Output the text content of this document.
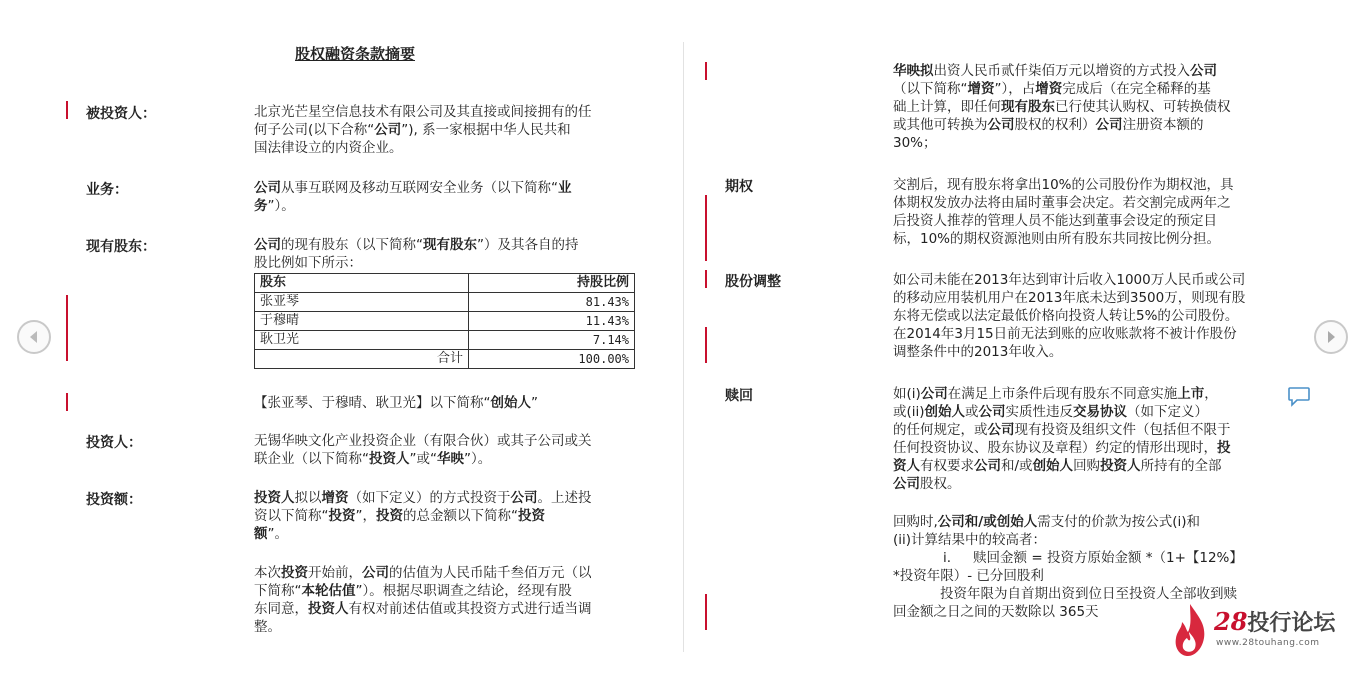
股权融资条款摘要
被投资人：	北京光芒星空信息技术有限公司及其直接或间接拥有的任
何子公司(以下合称“公司”), 系一家根据中华人民共和
国法律设立的内资企业。
业务：	公司从事互联网及移动互联网安全业务（以下简称“业
务”）。
现有股东：	公司的现有股东（以下简称“现有股东”）及其各自的持
股比例如下所示：
股东	持股比例
张亚琴	81.43%
于穆晴	11.43%
耿卫光	7.14%
合计	100.00%
【张亚琴、于穆晴、耿卫光】以下简称“创始人”
投资人：	无锡华映文化产业投资企业（有限合伙）或其子公司或关
联企业（以下简称“投资人”或“华映”）。
投资额：	投资人拟以增资（如下定义）的方式投资于公司。上述投
资以下简称“投资”，投资的总金额以下简称“投资
额”。
本次投资开始前，公司的估值为人民币陆千叁佰万元（以
下简称“本轮估值”）。根据尽职调查之结论，经现有股
东同意，投资人有权对前述估值或其投资方式进行适当调
整。
华映拟出资人民币贰仟柒佰万元以增资的方式投入公司
（以下简称“增资”），占增资完成后（在完全稀释的基
础上计算，即任何现有股东已行使其认购权、可转换债权
或其他可转换为公司股权的权利）公司注册资本额的
30%；
期权	交割后，现有股东将拿出10%的公司股份作为期权池，具
体期权发放办法将由届时董事会决定。若交割完成两年之
后投资人推荐的管理人员不能达到董事会设定的预定目
标，10%的期权资源池则由所有股东共同按比例分担。
股份调整	如公司未能在2013年达到审计后收入1000万人民币或公司
的移动应用装机用户在2013年底未达到3500万，则现有股
东将无偿或以法定最低价格向投资人转让5%的公司股份。
在2014年3月15日前无法到账的应收账款将不被计作股份
调整条件中的2013年收入。
赎回	如(i)公司在满足上市条件后现有股东不同意实施上市，
或(ii)创始人或公司实质性违反交易协议（如下定义）
的任何规定，或公司现有投资及组织文件（包括但不限于
任何投资协议、股东协议及章程）约定的情形出现时，投
资人有权要求公司和/或创始人回购投资人所持有的全部
公司股权。
回购时,公司和/或创始人需支付的价款为按公式(i)和
(ii)计算结果中的较高者：
i. 赎回金额 = 投资方原始金额 *（1+【12%】
*投资年限）- 已分回股利
投资年限为自首期出资到位日至投资人全部收到赎
回金额之日之间的天数除以 365天	28投行论坛
www.28touhang.com
